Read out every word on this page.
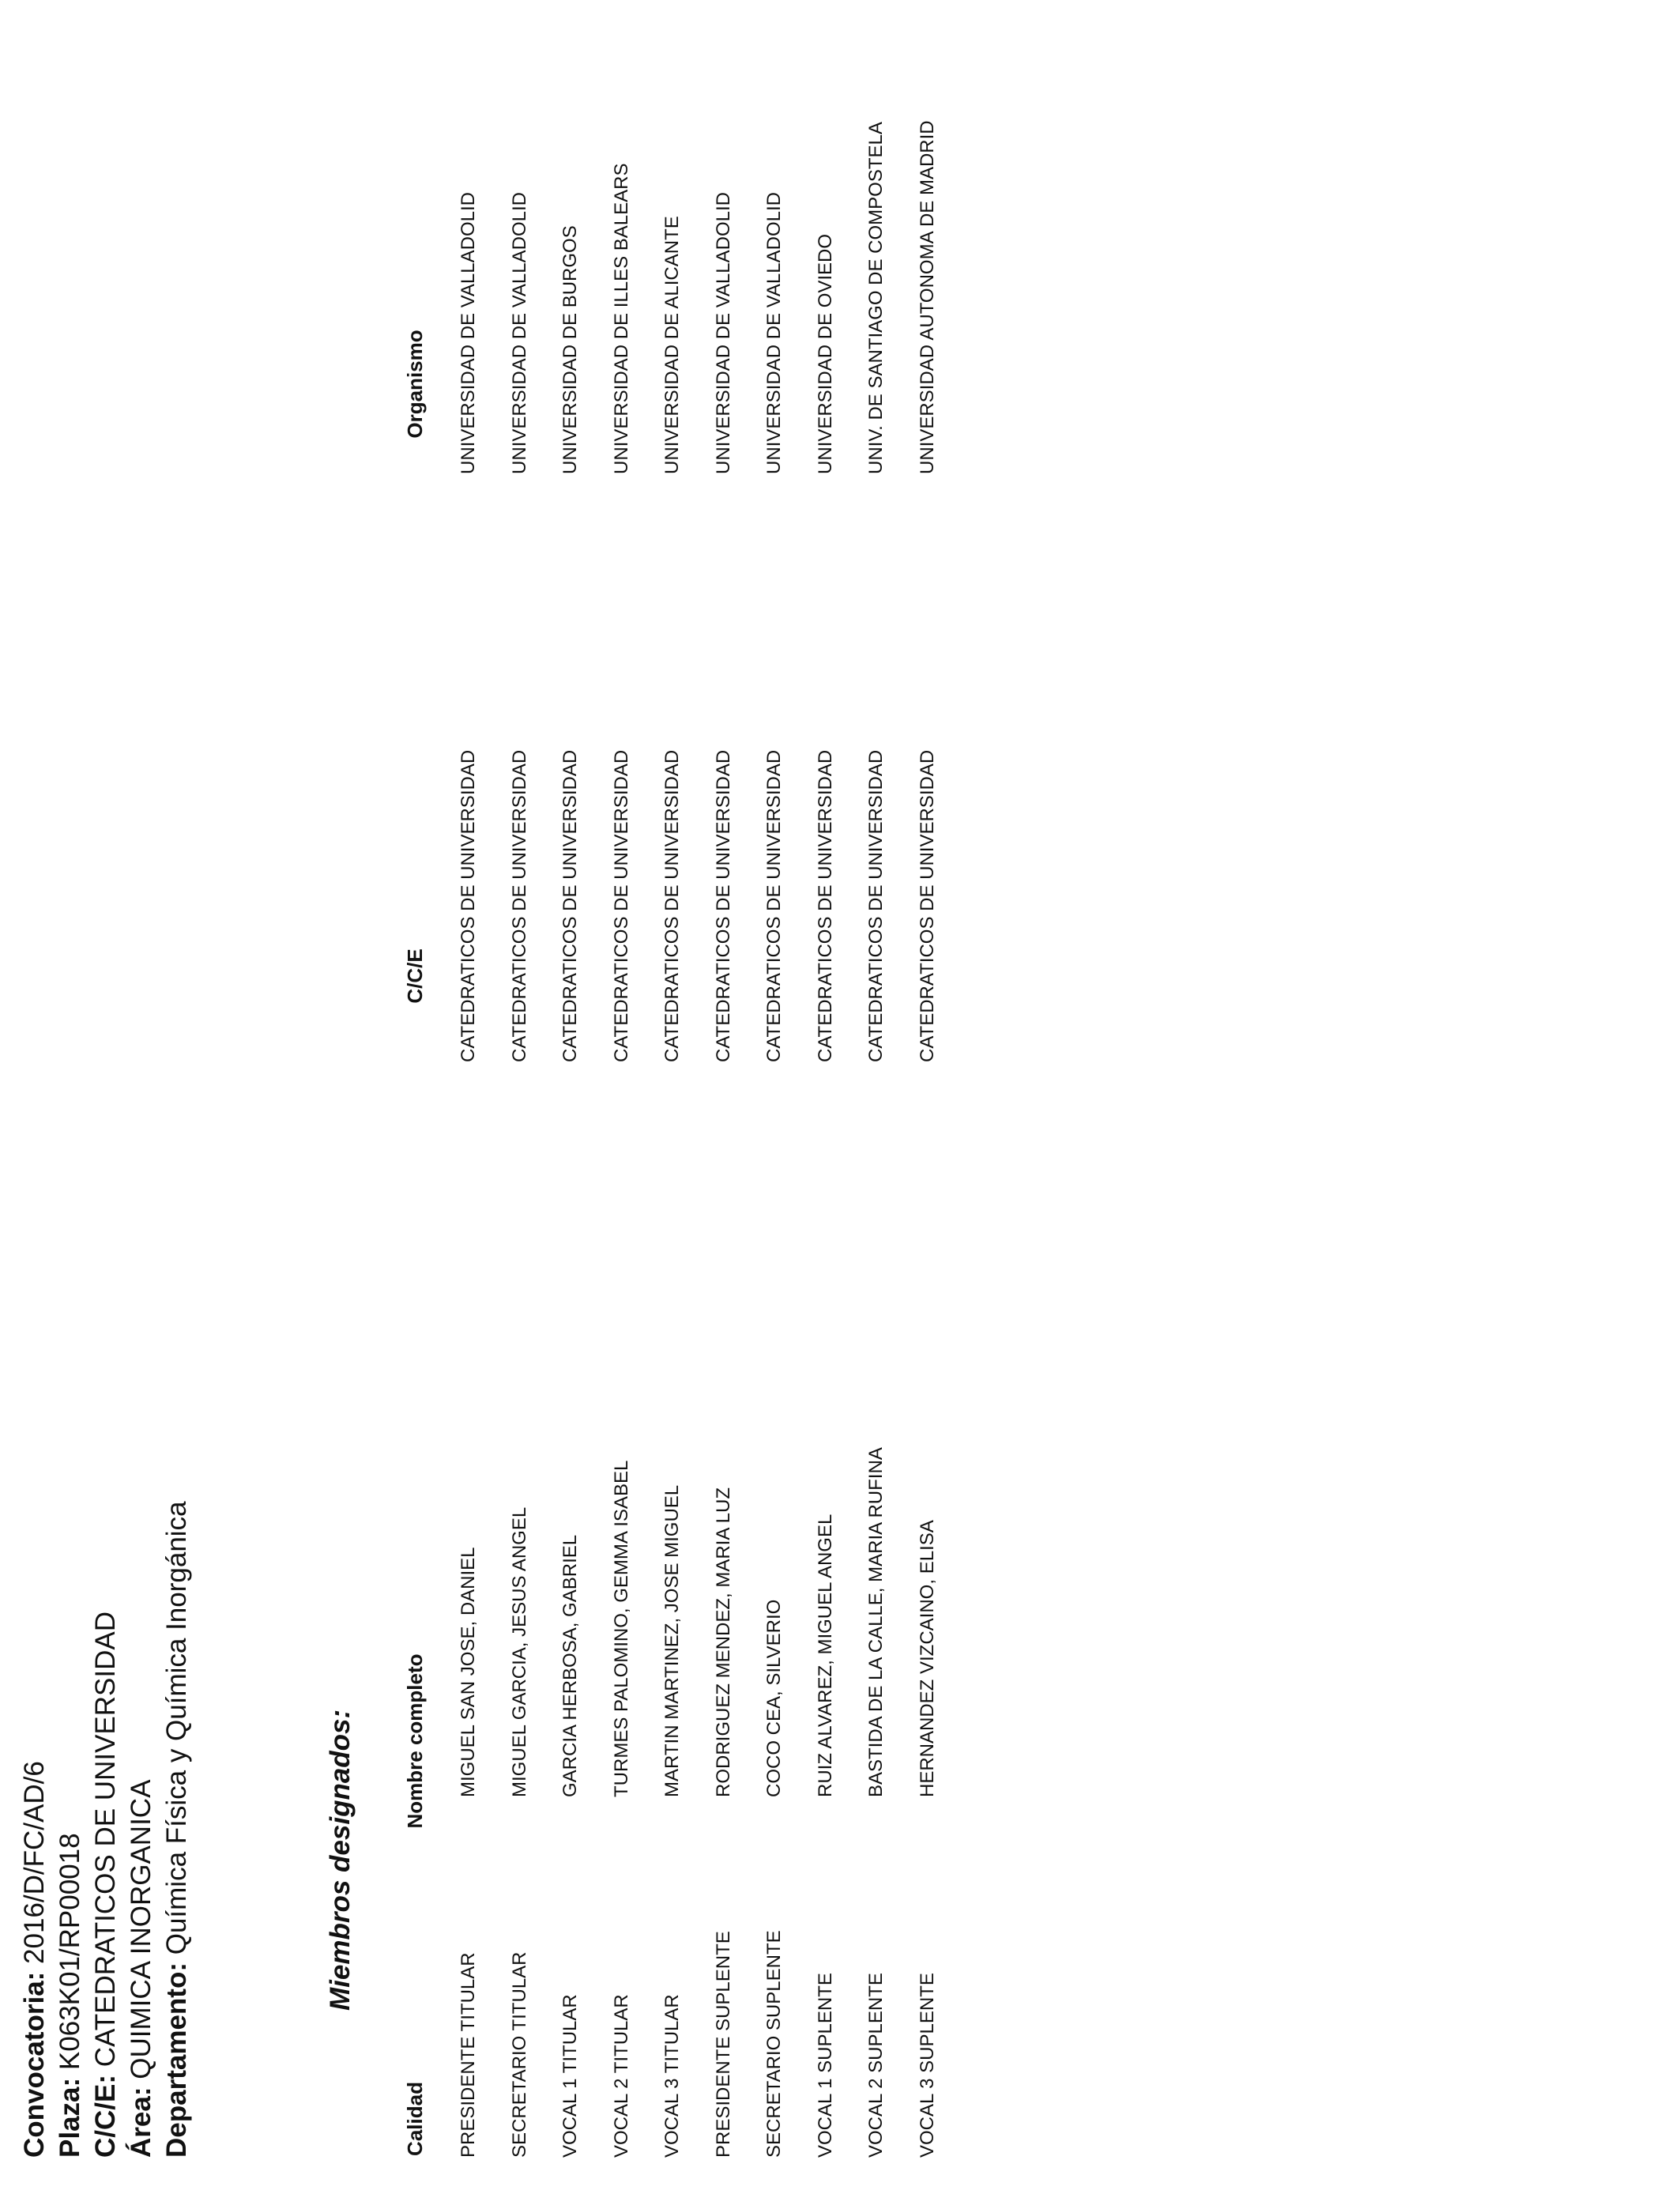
Convocatoria: 2016/D/FC/AD/6
Plaza: K063K01/RP00018
C/C/E: CATEDRATICOS DE UNIVERSIDAD
Área: QUIMICA INORGANICA Departamento: Química Física y Química Inorgánica	Miembros designados:
PRESIDENTE TITULAR
MIGUEL SAN JOSE, DANIEL
CATEDRATICOS DE UNIVERSIDAD
UNIVERSIDAD DE VALLADOLID
SECRETARIO TITULAR
MIGUEL GARCIA, JESUS ANGEL
CATEDRATICOS DE UNIVERSIDAD
UNIVERSIDAD DE VALLADOLID
VOCAL 1 TITULAR
GARCIA HERBOSA, GABRIEL
CATEDRATICOS DE UNIVERSIDAD
UNIVERSIDAD DE BURGOS
VOCAL 2 TITULAR
TURMES PALOMINO, GEMMA ISABEL
CATEDRATICOS DE UNIVERSIDAD
UNIVERSIDAD DE ILLES BALEARS
VOCAL 3 TITULAR
MARTIN MARTINEZ, JOSE MIGUEL
CATEDRATICOS DE UNIVERSIDAD
UNIVERSIDAD DE ALICANTE
PRESIDENTE SUPLENTE
RODRIGUEZ MENDEZ, MARIA LUZ
CATEDRATICOS DE UNIVERSIDAD
UNIVERSIDAD DE VALLADOLID
SECRETARIO SUPLENTE
COCO CEA, SILVERIO
CATEDRATICOS DE UNIVERSIDAD
UNIVERSIDAD DE VALLADOLID
VOCAL 1 SUPLENTE
RUIZ ALVAREZ, MIGUEL ANGEL
CATEDRATICOS DE UNIVERSIDAD
UNIVERSIDAD DE OVIEDO
VOCAL 2 SUPLENTE
BASTIDA DE LA CALLE, MARIA RUFINA
CATEDRATICOS DE UNIVERSIDAD
UNIV. DE SANTIAGO DE COMPOSTELA
VOCAL 3 SUPLENTE
HERNANDEZ VIZCAINO, ELISA
CATEDRATICOS DE UNIVERSIDAD
UNIVERSIDAD AUTONOMA DE MADRID
Calidad
Nombre completo
C/C/E
Organismo
